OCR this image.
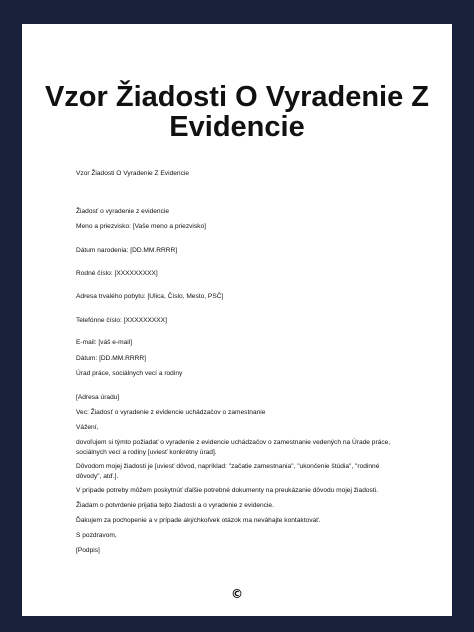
Vzor Žiadosti O Vyradenie Z Evidencie

Vzor Žiadosti O Vyradenie Z Evidencie

Žiadosť o vyradenie z evidencie

Meno a priezvisko: [Vaše meno a priezvisko]

Dátum narodenia: [DD.MM.RRRR]

Rodné číslo: [XXXXXXXXX]

Adresa trvalého pobytu: [Ulica, Číslo, Mesto, PSČ]

Telefónne číslo: [XXXXXXXXX]

E-mail: [váš e-mail]

Dátum: [DD.MM.RRRR]

Úrad práce, sociálnych vecí a rodiny

[Adresa úradu]

Vec: Žiadosť o vyradenie z evidencie uchádzačov o zamestnanie

Vážení,

dovoľujem si týmto požiadať o vyradenie z evidencie uchádzačov o zamestnanie vedených na Úrade práce, sociálnych vecí a rodiny [uviesť konkrétny úrad].

Dôvodom mojej žiadosti je [uviesť dôvod, napríklad: "začatie zamestnania", "ukončenie štúdia", "rodinné dôvody", atď.].

V prípade potreby môžem poskytnúť ďalšie potrebné dokumenty na preukázanie dôvodu mojej žiadosti.

Žiadam o potvrdenie prijatia tejto žiadosti a o vyradenie z evidencie.

Ďakujem za pochopenie a v prípade akýchkoľvek otázok ma neváhajte kontaktovať.

S pozdravom,

[Podpis]

©
